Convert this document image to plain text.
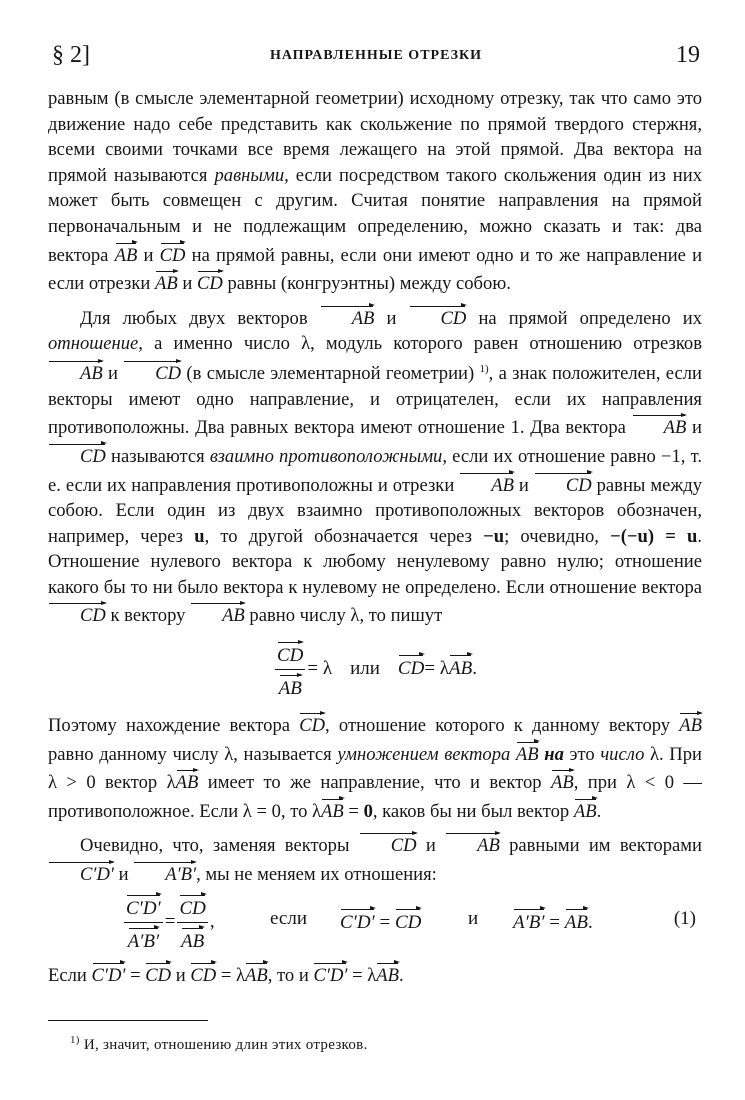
§ 2]	НАПРАВЛЕННЫЕ ОТРЕЗКИ	19

равным (в смысле элементарной геометрии) исходному отрезку, так что само это движение надо себе представить как скольжение по прямой твердого стержня, всеми своими точками все время лежащего на этой прямой. Два вектора на прямой называются равными, если посредством такого скольжения один из них может быть совмещен с другим. Считая понятие направления на прямой первоначальным и не подлежащим определению, можно сказать и так: два вектора AB и CD на прямой равны, если они имеют одно и то же направление и если отрезки AB и CD равны (конгруэнтны) между собою.

Для любых двух векторов AB и CD на прямой определено их отношение, а именно число λ, модуль которого равен отношению отрезков AB и CD (в смысле элементарной геометрии) $^{1)}$, а знак положителен, если векторы имеют одно направление, и отрицателен, если их направления противоположны. Два равных вектора имеют отношение 1. Два вектора AB и CD называются взаимно противоположными, если их отношение равно −1, т. е. если их направления противоположны и отрезки AB и CD равны между собою. Если один из двух взаимно противоположных векторов обозначен, например, через u, то другой обозначается через −u; очевидно, −(−u) = u. Отношение нулевого вектора к любому ненулевому равно нулю; отношение какого бы то ни было вектора к нулевому не определено. Если отношение вектора CD к вектору AB равно числу λ, то пишут

$\frac{CD}{AB} = \lambda$ или CD= λAB.

Поэтому нахождение вектора CD, отношение которого к данному вектору AB равно данному числу λ, называется умножением вектора AB на это число λ. При λ > 0 вектор λAB имеет то же направление, что и вектор AB, при λ < 0 — противоположное. Если λ = 0, то λAB = 0, каков бы ни был вектор AB.

Очевидно, что, заменяя векторы CD и AB равными им векторами C′D′ и A′B′, мы не меняем их отношения:

$\frac{C'D'}{A'B'} = \frac{CD}{AB}$ ,	если C′D′ = CD и A′B′ = AB.	(1)

Если C′D′ = CD и CD = λAB, то и C′D′ = λAB.

$^{1)}$ И, значит, отношению длин этих отрезков.
